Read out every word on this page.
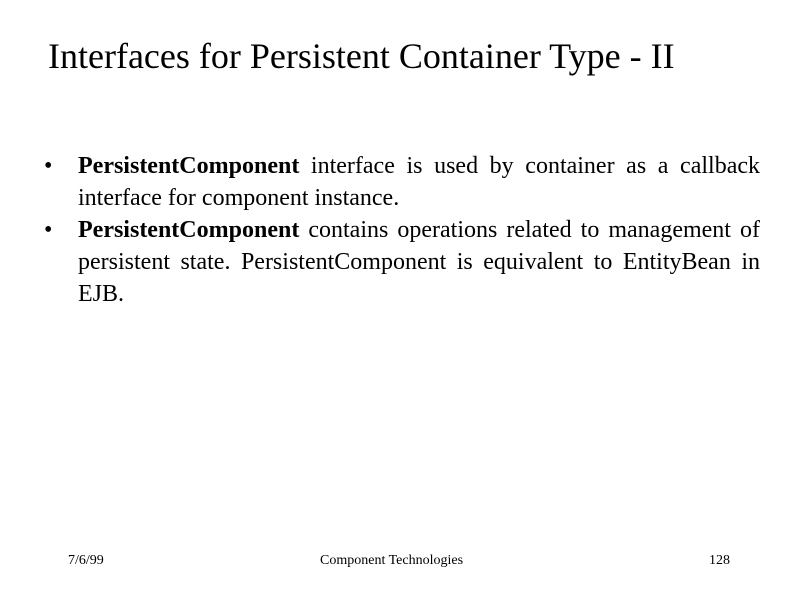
Interfaces for Persistent Container Type - II
•	PersistentComponent interface is used by container as a callback interface for component instance.
•	PersistentComponent contains operations related to management of persistent state. PersistentComponent is equivalent to EntityBean in EJB.
7/6/99	Component Technologies	128
